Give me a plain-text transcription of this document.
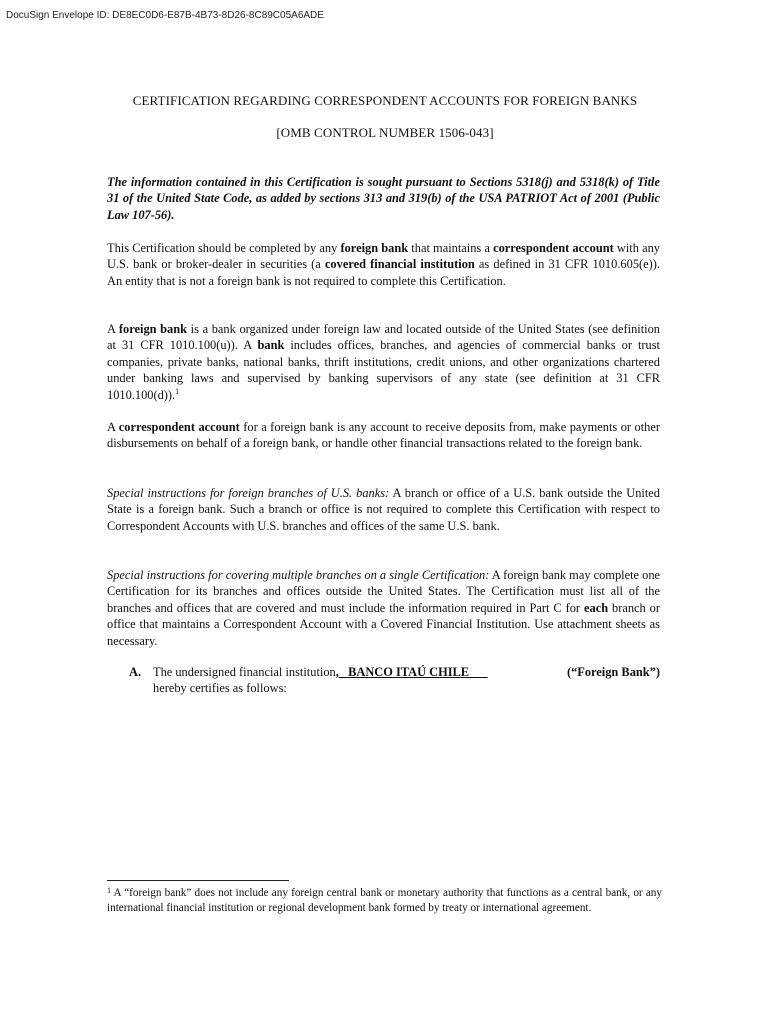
DocuSign Envelope ID: DE8EC0D6-E87B-4B73-8D26-8C89C05A6ADE
CERTIFICATION REGARDING CORRESPONDENT ACCOUNTS FOR FOREIGN BANKS
[OMB CONTROL NUMBER 1506-043]

The information contained in this Certification is sought pursuant to Sections 5318(j) and 5318(k) of Title 31 of the United State Code, as added by sections 313 and 319(b) of the USA PATRIOT Act of 2001 (Public Law 107-56).

This Certification should be completed by any foreign bank that maintains a correspondent account with any U.S. bank or broker-dealer in securities (a covered financial institution as defined in 31 CFR 1010.605(e)). An entity that is not a foreign bank is not required to complete this Certification.

A foreign bank is a bank organized under foreign law and located outside of the United States (see definition at 31 CFR 1010.100(u)). A bank includes offices, branches, and agencies of commercial banks or trust companies, private banks, national banks, thrift institutions, credit unions, and other organizations chartered under banking laws and supervised by banking supervisors of any state (see definition at 31 CFR 1010.100(d)).$^1$

A correspondent account for a foreign bank is any account to receive deposits from, make payments or other disbursements on behalf of a foreign bank, or handle other financial transactions related to the foreign bank.

Special instructions for foreign branches of U.S. banks: A branch or office of a U.S. bank outside the United State is a foreign bank. Such a branch or office is not required to complete this Certification with respect to Correspondent Accounts with U.S. branches and offices of the same U.S. bank.

Special instructions for covering multiple branches on a single Certification: A foreign bank may complete one Certification for its branches and offices outside the United States. The Certification must list all of the branches and offices that are covered and must include the information required in Part C for each branch or office that maintains a Correspondent Account with a Covered Financial Institution. Use attachment sheets as necessary.

A. The undersigned financial institution,   BANCO ITAÚ CHILE
hereby certifies as follows:
(“Foreign Bank”)

$^1$ A “foreign bank” does not include any foreign central bank or monetary authority that functions as a central bank, or any international financial institution or regional development bank formed by treaty or international agreement.
